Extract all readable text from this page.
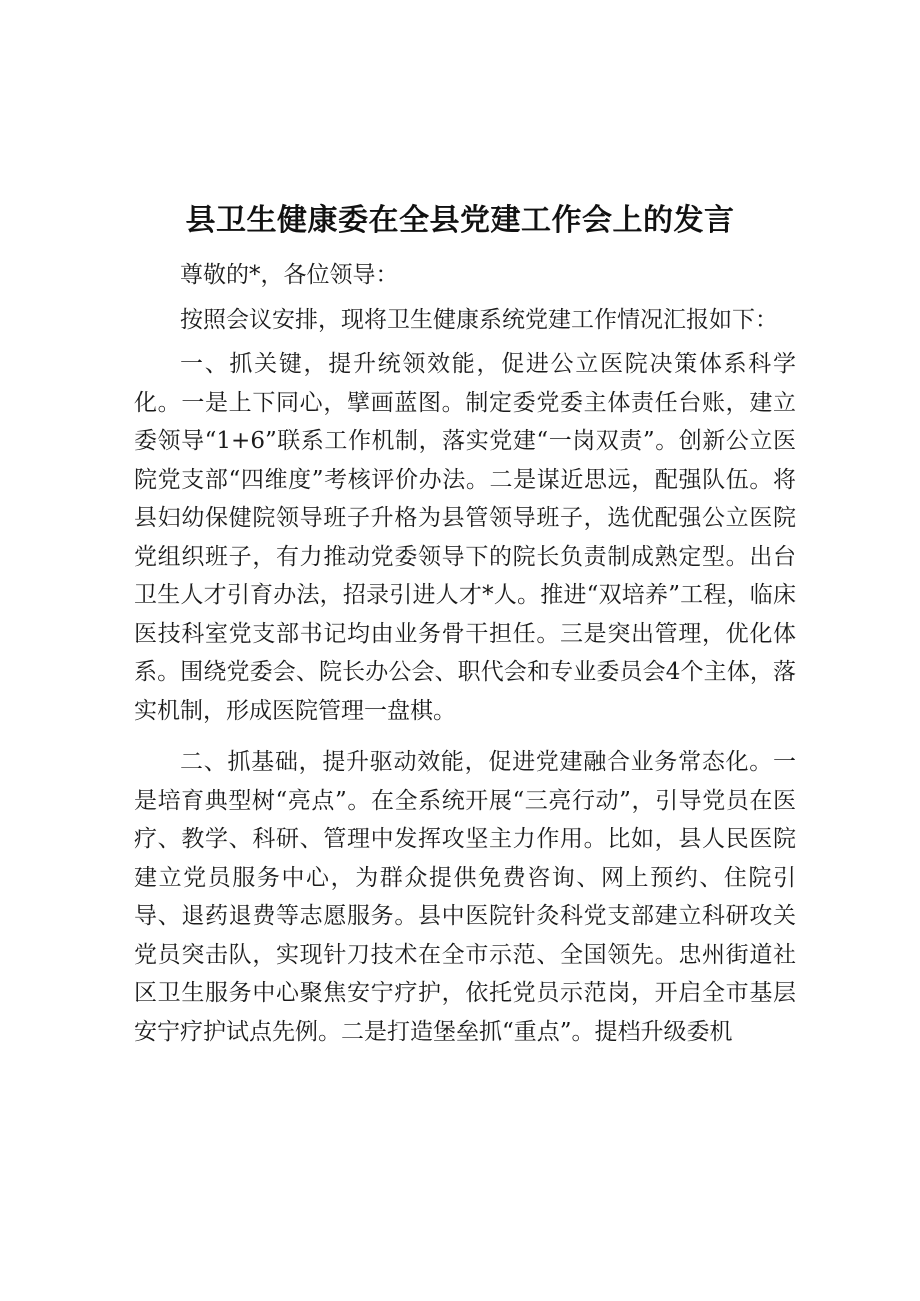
县卫生健康委在全县党建工作会上的发言

尊敬的*，各位领导：

按照会议安排，现将卫生健康系统党建工作情况汇报如下：

一、抓关键，提升统领效能，促进公立医院决策体系科学化。一是上下同心，擘画蓝图。制定委党委主体责任台账，建立委领导“1+6”联系工作机制，落实党建“一岗双责”。创新公立医院党支部“四维度”考核评价办法。二是谋近思远，配强队伍。将县妇幼保健院领导班子升格为县管领导班子，选优配强公立医院党组织班子，有力推动党委领导下的院长负责制成熟定型。出台卫生人才引育办法，招录引进人才*人。推进“双培养”工程，临床医技科室党支部书记均由业务骨干担任。三是突出管理，优化体系。围绕党委会、院长办公会、职代会和专业委员会4个主体，落实机制，形成医院管理一盘棋。

二、抓基础，提升驱动效能，促进党建融合业务常态化。一是培育典型树“亮点”。在全系统开展“三亮行动”，引导党员在医疗、教学、科研、管理中发挥攻坚主力作用。比如，县人民医院建立党员服务中心，为群众提供免费咨询、网上预约、住院引导、退药退费等志愿服务。县中医院针灸科党支部建立科研攻关党员突击队，实现针刀技术在全市示范、全国领先。忠州街道社区卫生服务中心聚焦安宁疗护，依托党员示范岗，开启全市基层安宁疗护试点先例。二是打造堡垒抓“重点”。提档升级委机
